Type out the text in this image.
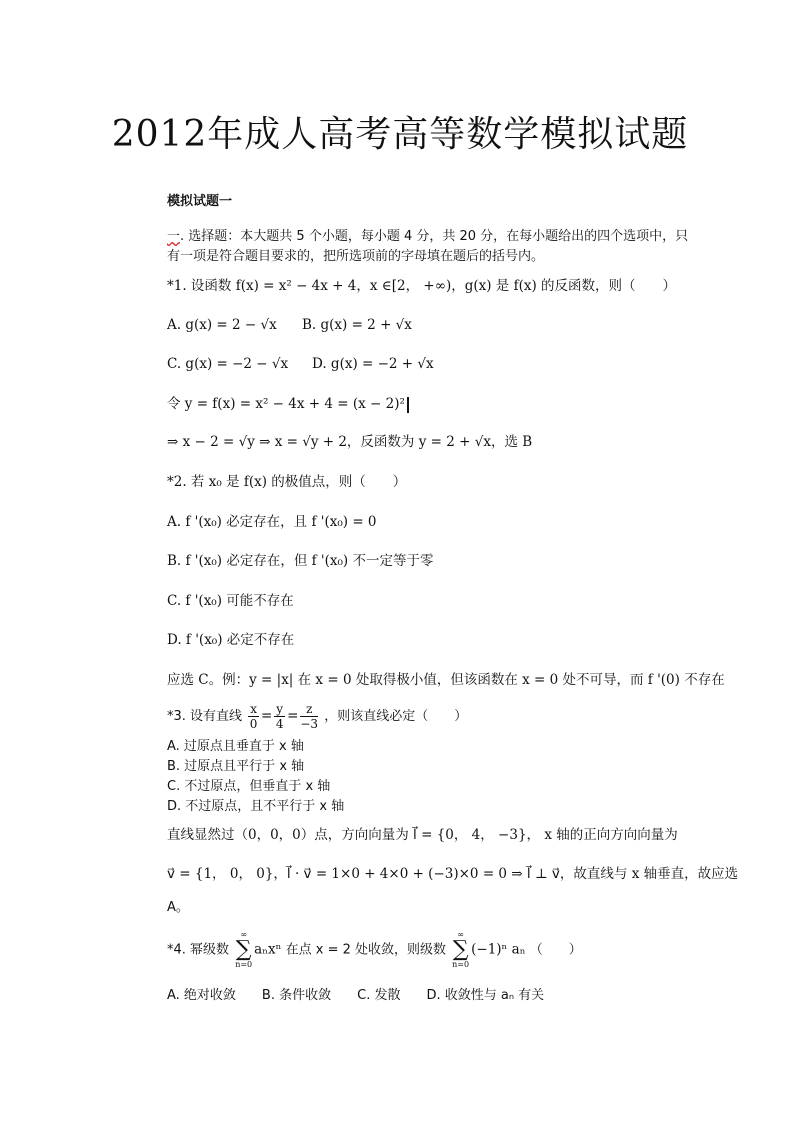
2012年成人高考高等数学模拟试题
模拟试题一
一. 选择题：本大题共 5 个小题，每小题 4 分，共 20 分，在每小题给出的四个选项中，只
有一项是符合题目要求的，把所选项前的字母填在题后的括号内。
*1. 设函数 f(x) = x² − 4x + 4，x ∈[2， +∞)，g(x) 是 f(x) 的反函数，则（　　）
A. g(x) = 2 − √x B. g(x) = 2 + √x
C. g(x) = −2 − √x D. g(x) = −2 + √x
令 y = f(x) = x² − 4x + 4 = (x − 2)²
⇒ x − 2 = √y ⇒ x = √y + 2，反函数为 y = 2 + √x，选 B
*2. 若 x₀ 是 f(x) 的极值点，则（　　）
A. f '(x₀) 必定存在，且 f '(x₀) = 0
B. f '(x₀) 必定存在，但 f '(x₀) 不一定等于零
C. f '(x₀) 可能不存在
D. f '(x₀) 必定不存在
应选 C。例：y = |x| 在 x = 0 处取得极小值，但该函数在 x = 0 处不可导，而 f '(0) 不存在
*3. 设有直线 $\frac{x}{0} = \frac{y}{4} = \frac{z}{-3}$ ，则该直线必定（　　）
A. 过原点且垂直于 x 轴
B. 过原点且平行于 x 轴
C. 不过原点，但垂直于 x 轴
D. 不过原点，且不平行于 x 轴
直线显然过（0，0，0）点，方向向量为 l⃗ = {0， 4， −3}， x 轴的正向方向向量为
v⃗ = {1， 0， 0}，l⃗ · v⃗ = 1×0 + 4×0 + (−3)×0 = 0 ⇒ l⃗ ⊥ v⃗，故直线与 x 轴垂直，故应选
A。
*4. 幂级数
∞
∑
n=0
aₙxⁿ 在点 x = 2 处收敛，则级数
∞
∑
n=0
(−1)ⁿ aₙ （　　）
A. 绝对收敛　　B. 条件收敛　　C. 发散　　D. 收敛性与 aₙ 有关
